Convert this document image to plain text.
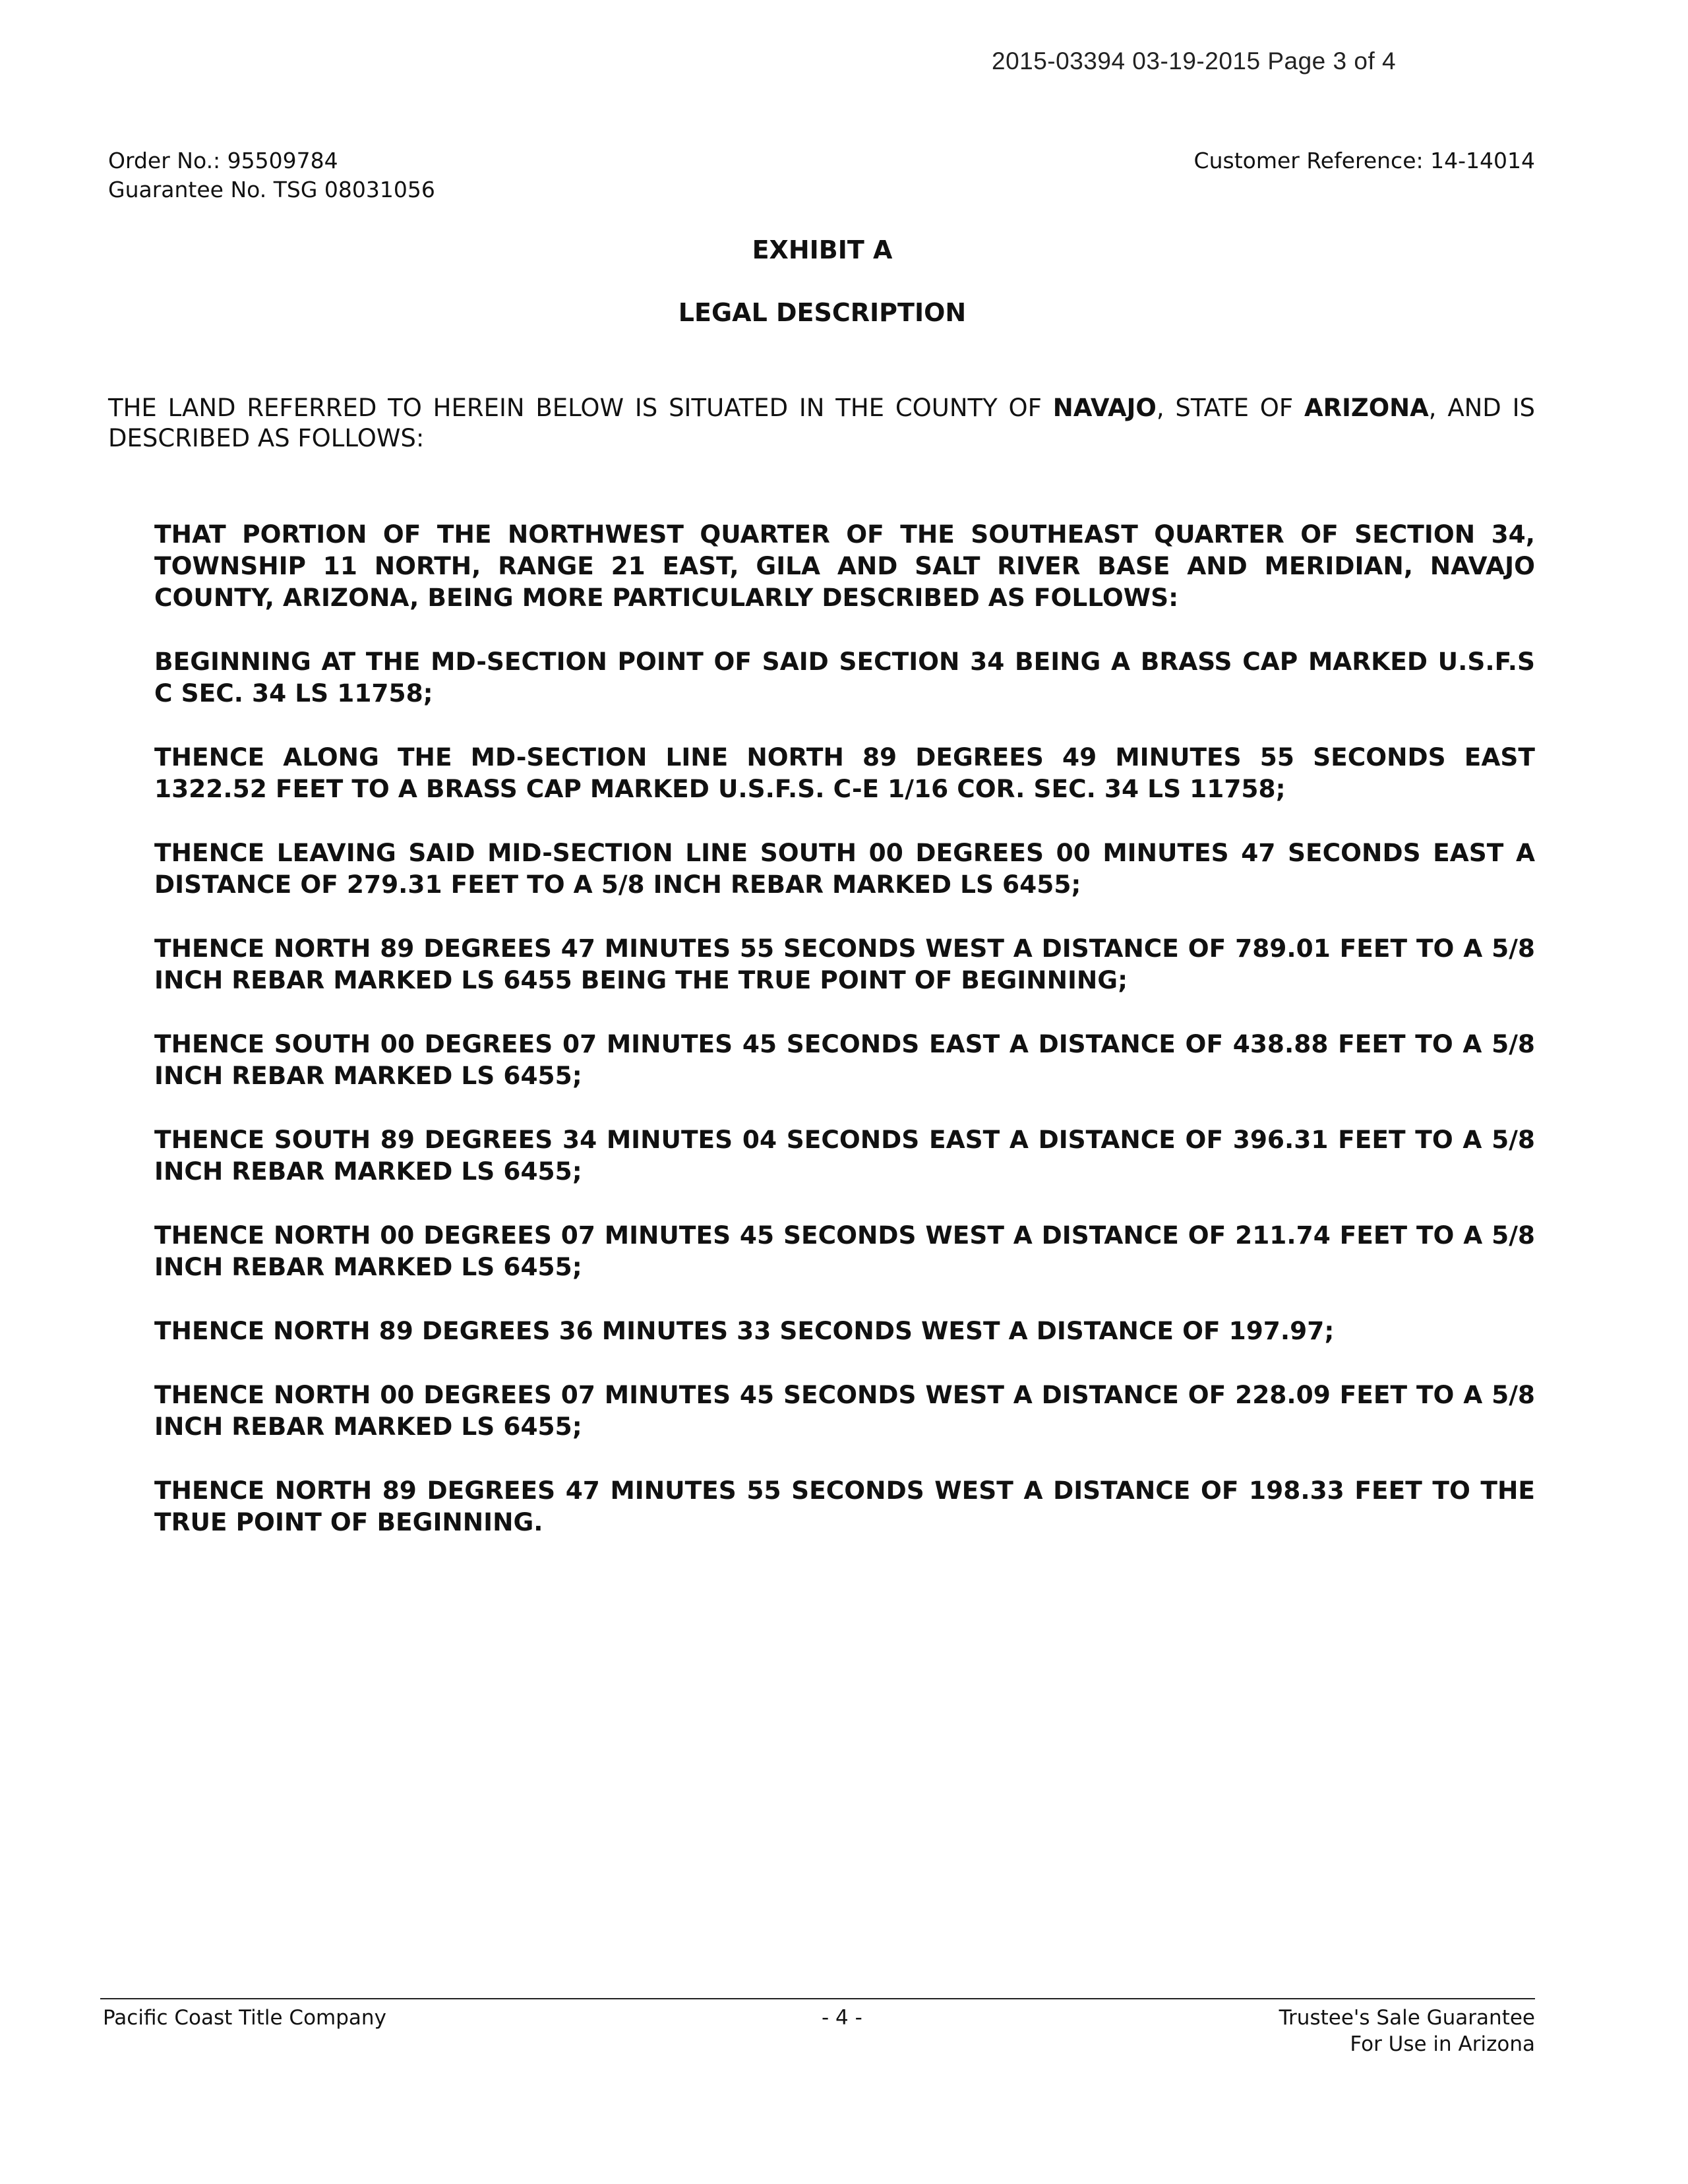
2015-03394 03-19-2015 Page 3 of 4
Order No.: 95509784
Guarantee No. TSG 08031056
Customer Reference: 14-14014
EXHIBIT A
LEGAL DESCRIPTION
THE LAND REFERRED TO HEREIN BELOW IS SITUATED IN THE COUNTY OF NAVAJO, STATE OF ARIZONA, AND IS DESCRIBED AS FOLLOWS:

THAT PORTION OF THE NORTHWEST QUARTER OF THE SOUTHEAST QUARTER OF SECTION 34, TOWNSHIP 11 NORTH, RANGE 21 EAST, GILA AND SALT RIVER BASE AND MERIDIAN, NAVAJO COUNTY, ARIZONA, BEING MORE PARTICULARLY DESCRIBED AS FOLLOWS:

BEGINNING AT THE MD-SECTION POINT OF SAID SECTION 34 BEING A BRASS CAP MARKED U.S.F.S C SEC. 34 LS 11758;

THENCE ALONG THE MD-SECTION LINE NORTH 89 DEGREES 49 MINUTES 55 SECONDS EAST 1322.52 FEET TO A BRASS CAP MARKED U.S.F.S. C-E 1/16 COR. SEC. 34 LS 11758;

THENCE LEAVING SAID MID-SECTION LINE SOUTH 00 DEGREES 00 MINUTES 47 SECONDS EAST A DISTANCE OF 279.31 FEET TO A 5/8 INCH REBAR MARKED LS 6455;

THENCE NORTH 89 DEGREES 47 MINUTES 55 SECONDS WEST A DISTANCE OF 789.01 FEET TO A 5/8 INCH REBAR MARKED LS 6455 BEING THE TRUE POINT OF BEGINNING;

THENCE SOUTH 00 DEGREES 07 MINUTES 45 SECONDS EAST A DISTANCE OF 438.88 FEET TO A 5/8 INCH REBAR MARKED LS 6455;

THENCE SOUTH 89 DEGREES 34 MINUTES 04 SECONDS EAST A DISTANCE OF 396.31 FEET TO A 5/8 INCH REBAR MARKED LS 6455;

THENCE NORTH 00 DEGREES 07 MINUTES 45 SECONDS WEST A DISTANCE OF 211.74 FEET TO A 5/8 INCH REBAR MARKED LS 6455;

THENCE NORTH 89 DEGREES 36 MINUTES 33 SECONDS WEST A DISTANCE OF 197.97;

THENCE NORTH 00 DEGREES 07 MINUTES 45 SECONDS WEST A DISTANCE OF 228.09 FEET TO A 5/8 INCH REBAR MARKED LS 6455;

THENCE NORTH 89 DEGREES 47 MINUTES 55 SECONDS WEST A DISTANCE OF 198.33 FEET TO THE TRUE POINT OF BEGINNING.

Pacific Coast Title Company	- 4 -	Trustee's Sale Guarantee
For Use in Arizona
